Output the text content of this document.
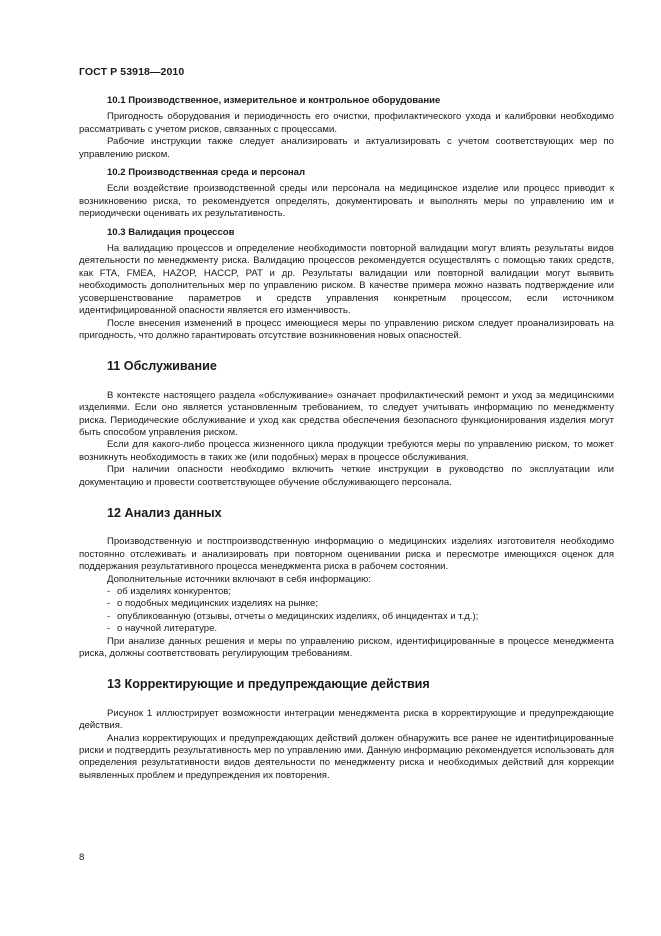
ГОСТ Р 53918—2010
10.1 Производственное, измерительное и контрольное оборудование

Пригодность оборудования и периодичность его очистки, профилактического ухода и калибровки необходимо рассматривать с учетом рисков, связанных с процессами.

Рабочие инструкции также следует анализировать и актуализировать с учетом соответствующих мер по управлению риском.

10.2 Производственная среда и персонал

Если воздействие производственной среды или персонала на медицинское изделие или процесс приводит к возникновению риска, то рекомендуется определять, документировать и выполнять меры по управлению им и периодически оценивать их результативность.

10.3 Валидация процессов

На валидацию процессов и определение необходимости повторной валидации могут влиять результаты видов деятельности по менеджменту риска. Валидацию процессов рекомендуется осуществлять с помощью таких средств, как FTA, FMEA, HAZOP, HACCP, PAT и др. Результаты валидации или повторной валидации могут выявить необходимость дополнительных мер по управлению риском. В качестве примера можно назвать подтверждение или усовершенствование параметров и средств управления конкретным процессом, если источником идентифицированной опасности является его изменчивость.

После внесения изменений в процесс имеющиеся меры по управлению риском следует проанализировать на пригодность, что должно гарантировать отсутствие возникновения новых опасностей.

11 Обслуживание

В контексте настоящего раздела «обслуживание» означает профилактический ремонт и уход за медицинскими изделиями. Если оно является установленным требованием, то следует учитывать информацию по менеджменту риска. Периодические обслуживание и уход как средства обеспечения безопасного функционирования изделия могут быть способом управления риском.

Если для какого-либо процесса жизненного цикла продукции требуются меры по управлению риском, то может возникнуть необходимость в таких же (или подобных) мерах в процессе обслуживания.

При наличии опасности необходимо включить четкие инструкции в руководство по эксплуатации или документацию и провести соответствующее обучение обслуживающего персонала.

12 Анализ данных

Производственную и постпроизводственную информацию о медицинских изделиях изготовителя необходимо постоянно отслеживать и анализировать при повторном оценивании риска и пересмотре имеющихся оценок для поддержания результативного процесса менеджмента риска в рабочем состоянии.

Дополнительные источники включают в себя информацию:

- об изделиях конкурентов;
- о подобных медицинских изделиях на рынке;
- опубликованную (отзывы, отчеты о медицинских изделиях, об инцидентах и т.д.);
- о научной литературе.

При анализе данных решения и меры по управлению риском, идентифицированные в процессе менеджмента риска, должны соответствовать регулирующим требованиям.

13 Корректирующие и предупреждающие действия

Рисунок 1 иллюстрирует возможности интеграции менеджмента риска в корректирующие и предупреждающие действия.

Анализ корректирующих и предупреждающих действий должен обнаружить все ранее не идентифицированные риски и подтвердить результативность мер по управлению ими. Данную информацию рекомендуется использовать для определения результативности видов деятельности по менеджменту риска и необходимых действий для коррекции выявленных проблем и предупреждения их повторения.

8
